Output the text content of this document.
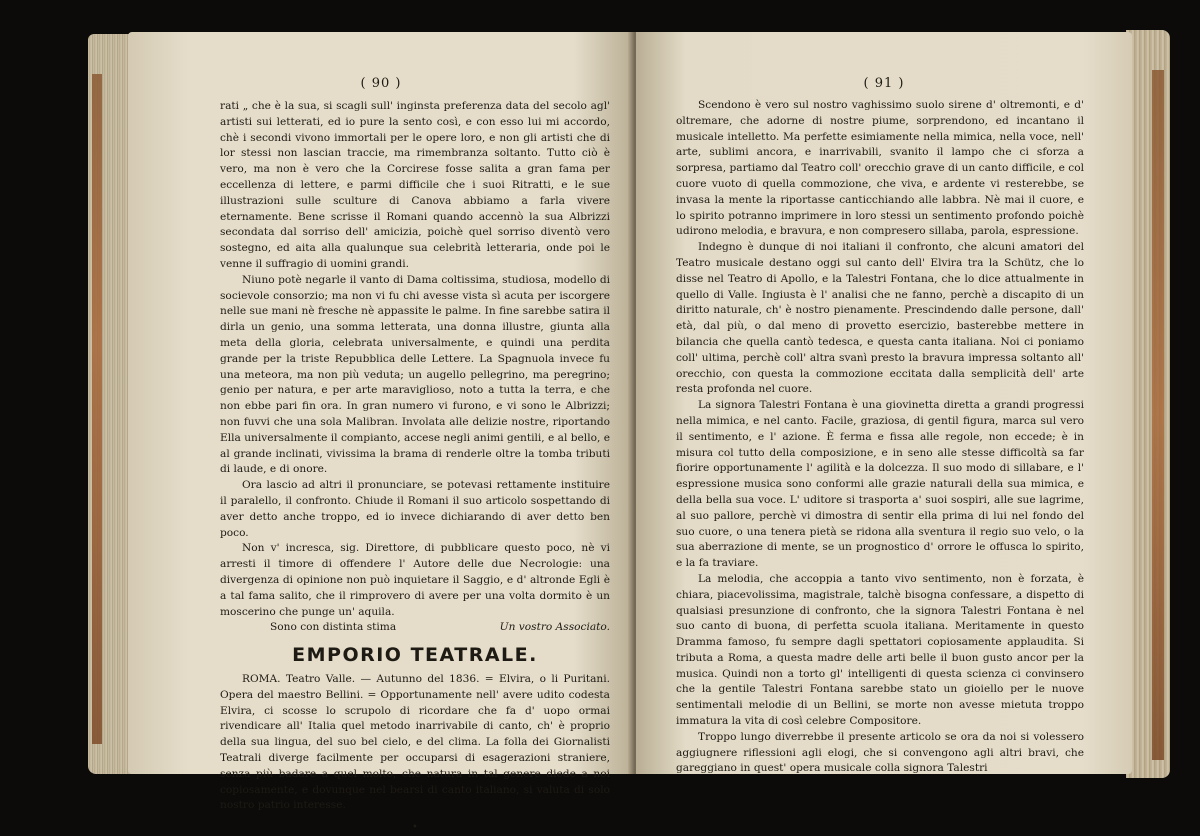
( 90 )

rati „ che è la sua, si scagli sull' inginsta preferenza data del secolo agl' artisti sui letterati, ed io pure la sento così, e con esso lui mi accordo, chè i secondi vivono immortali per le opere loro, e non gli artisti che di lor stessi non lascian traccie, ma rimembranza soltanto. Tutto ciò è vero, ma non è vero che la Corcirese fosse salita a gran fama per eccellenza di lettere, e parmi difficile che i suoi Ritratti, e le sue illustrazioni sulle sculture di Canova abbiamo a farla vivere eternamente. Bene scrisse il Romani quando accennò la sua Albrizzi secondata dal sorriso dell' amicizia, poichè quel sorriso diventò vero sostegno, ed aita alla qualunque sua celebrità letteraria, onde poi le venne il suffragio di uomini grandi.

Niuno potè negarle il vanto di Dama coltissima, studiosa, modello di socievole consorzio; ma non vi fu chi avesse vista sì acuta per iscorgere nelle sue mani nè fresche nè appassite le palme. In fine sarebbe satira il dirla un genio, una somma letterata, una donna illustre, giunta alla meta della gloria, celebrata universalmente, e quindi una perdita grande per la triste Repubblica delle Lettere. La Spagnuola invece fu una meteora, ma non più veduta; un augello pellegrino, ma peregrino; genio per natura, e per arte maraviglioso, noto a tutta la terra, e che non ebbe pari fin ora. In gran numero vi furono, e vi sono le Albrizzi; non fuvvi che una sola Malibran. Involata alle delizie nostre, riportando Ella universalmente il compianto, accese negli animi gentili, e al bello, e al grande inclinati, vivissima la brama di renderle oltre la tomba tributi di laude, e di onore.

Ora lascio ad altri il pronunciare, se potevasi rettamente instituire il paralello, il confronto. Chiude il Romani il suo articolo sospettando di aver detto anche troppo, ed io invece dichiarando di aver detto ben poco.

Non v' incresca, sig. Direttore, di pubblicare questo poco, nè vi arresti il timore di offendere l' Autore delle due Necrologie: una divergenza di opinione non può inquietare il Saggio, e d' altronde Egli è a tal fama salito, che il rimprovero di avere per una volta dormito è un moscerino che punge un' aquila.

Sono con distinta stima	Un vostro Associato.
EMPORIO TEATRALE.

ROMA. Teatro Valle. — Autunno del 1836. = Elvira, o li Puritani. Opera del maestro Bellini. = Opportunamente nell' avere udito codesta Elvira, ci scosse lo scrupolo di ricordare che fa d' uopo ormai rivendicare all' Italia quel metodo inarrivabile di canto, ch' è proprio della sua lingua, del suo bel cielo, e del clima. La folla dei Giornalisti Teatrali diverge facilmente per occuparsi di esagerazioni straniere, senza più badare a quel molto, che natura in tal genere diede a noi copiosamente, e dovunque nel bearsi di canto italiano, si valuta di solo nostro patrio interesse.

•
( 91 )

Scendono è vero sul nostro vaghissimo suolo sirene d' oltremonti, e d' oltremare, che adorne di nostre piume, sorprendono, ed incantano il musicale intelletto. Ma perfette esimiamente nella mimica, nella voce, nell' arte, sublimi ancora, e inarrivabili, svanito il lampo che ci sforza a sorpresa, partiamo dal Teatro coll' orecchio grave di un canto difficile, e col cuore vuoto di quella commozione, che viva, e ardente vi resterebbe, se invasa la mente la riportasse canticchiando alle labbra. Nè mai il cuore, e lo spirito potranno imprimere in loro stessi un sentimento profondo poichè udirono melodia, e bravura, e non compresero sillaba, parola, espressione.

Indegno è dunque di noi italiani il confronto, che alcuni amatori del Teatro musicale destano oggi sul canto dell' Elvira tra la Schütz, che lo disse nel Teatro di Apollo, e la Talestri Fontana, che lo dice attualmente in quello di Valle. Ingiusta è l' analisi che ne fanno, perchè a discapito di un diritto naturale, ch' è nostro pienamente. Prescindendo dalle persone, dall' età, dal più, o dal meno di provetto esercizio, basterebbe mettere in bilancia che quella cantò tedesca, e questa canta italiana. Noi ci poniamo coll' ultima, perchè coll' altra svanì presto la bravura impressa soltanto all' orecchio, con questa la commozione eccitata dalla semplicità dell' arte resta profonda nel cuore.

La signora Talestri Fontana è una giovinetta diretta a grandi progressi nella mimica, e nel canto. Facile, graziosa, di gentil figura, marca sul vero il sentimento, e l' azione. È ferma e fissa alle regole, non eccede; è in misura col tutto della composizione, e in seno alle stesse difficoltà sa far fiorire opportunamente l' agilità e la dolcezza. Il suo modo di sillabare, e l' espressione musica sono conformi alle grazie naturali della sua mimica, e della bella sua voce. L' uditore si trasporta a' suoi sospiri, alle sue lagrime, al suo pallore, perchè vi dimostra di sentir ella prima di lui nel fondo del suo cuore, o una tenera pietà se ridona alla sventura il regio suo velo, o la sua aberrazione di mente, se un prognostico d' orrore le offusca lo spirito, e la fa traviare.

La melodia, che accoppia a tanto vivo sentimento, non è forzata, è chiara, piacevolissima, magistrale, talchè bisogna confessare, a dispetto di qualsiasi presunzione di confronto, che la signora Talestri Fontana è nel suo canto di buona, di perfetta scuola italiana. Meritamente in questo Dramma famoso, fu sempre dagli spettatori copiosamente applaudita. Si tributa a Roma, a questa madre delle arti belle il buon gusto ancor per la musica. Quindi non a torto gl' intelligenti di questa scienza ci convinsero che la gentile Talestri Fontana sarebbe stato un gioiello per le nuove sentimentali melodie di un Bellini, se morte non avesse mietuta troppo immatura la vita di così celebre Compositore.

Troppo lungo diverrebbe il presente articolo se ora da noi si volessero aggiugnere riflessioni agli elogi, che si convengono agli altri bravi, che gareggiano in quest' opera musicale colla signora Talestri
